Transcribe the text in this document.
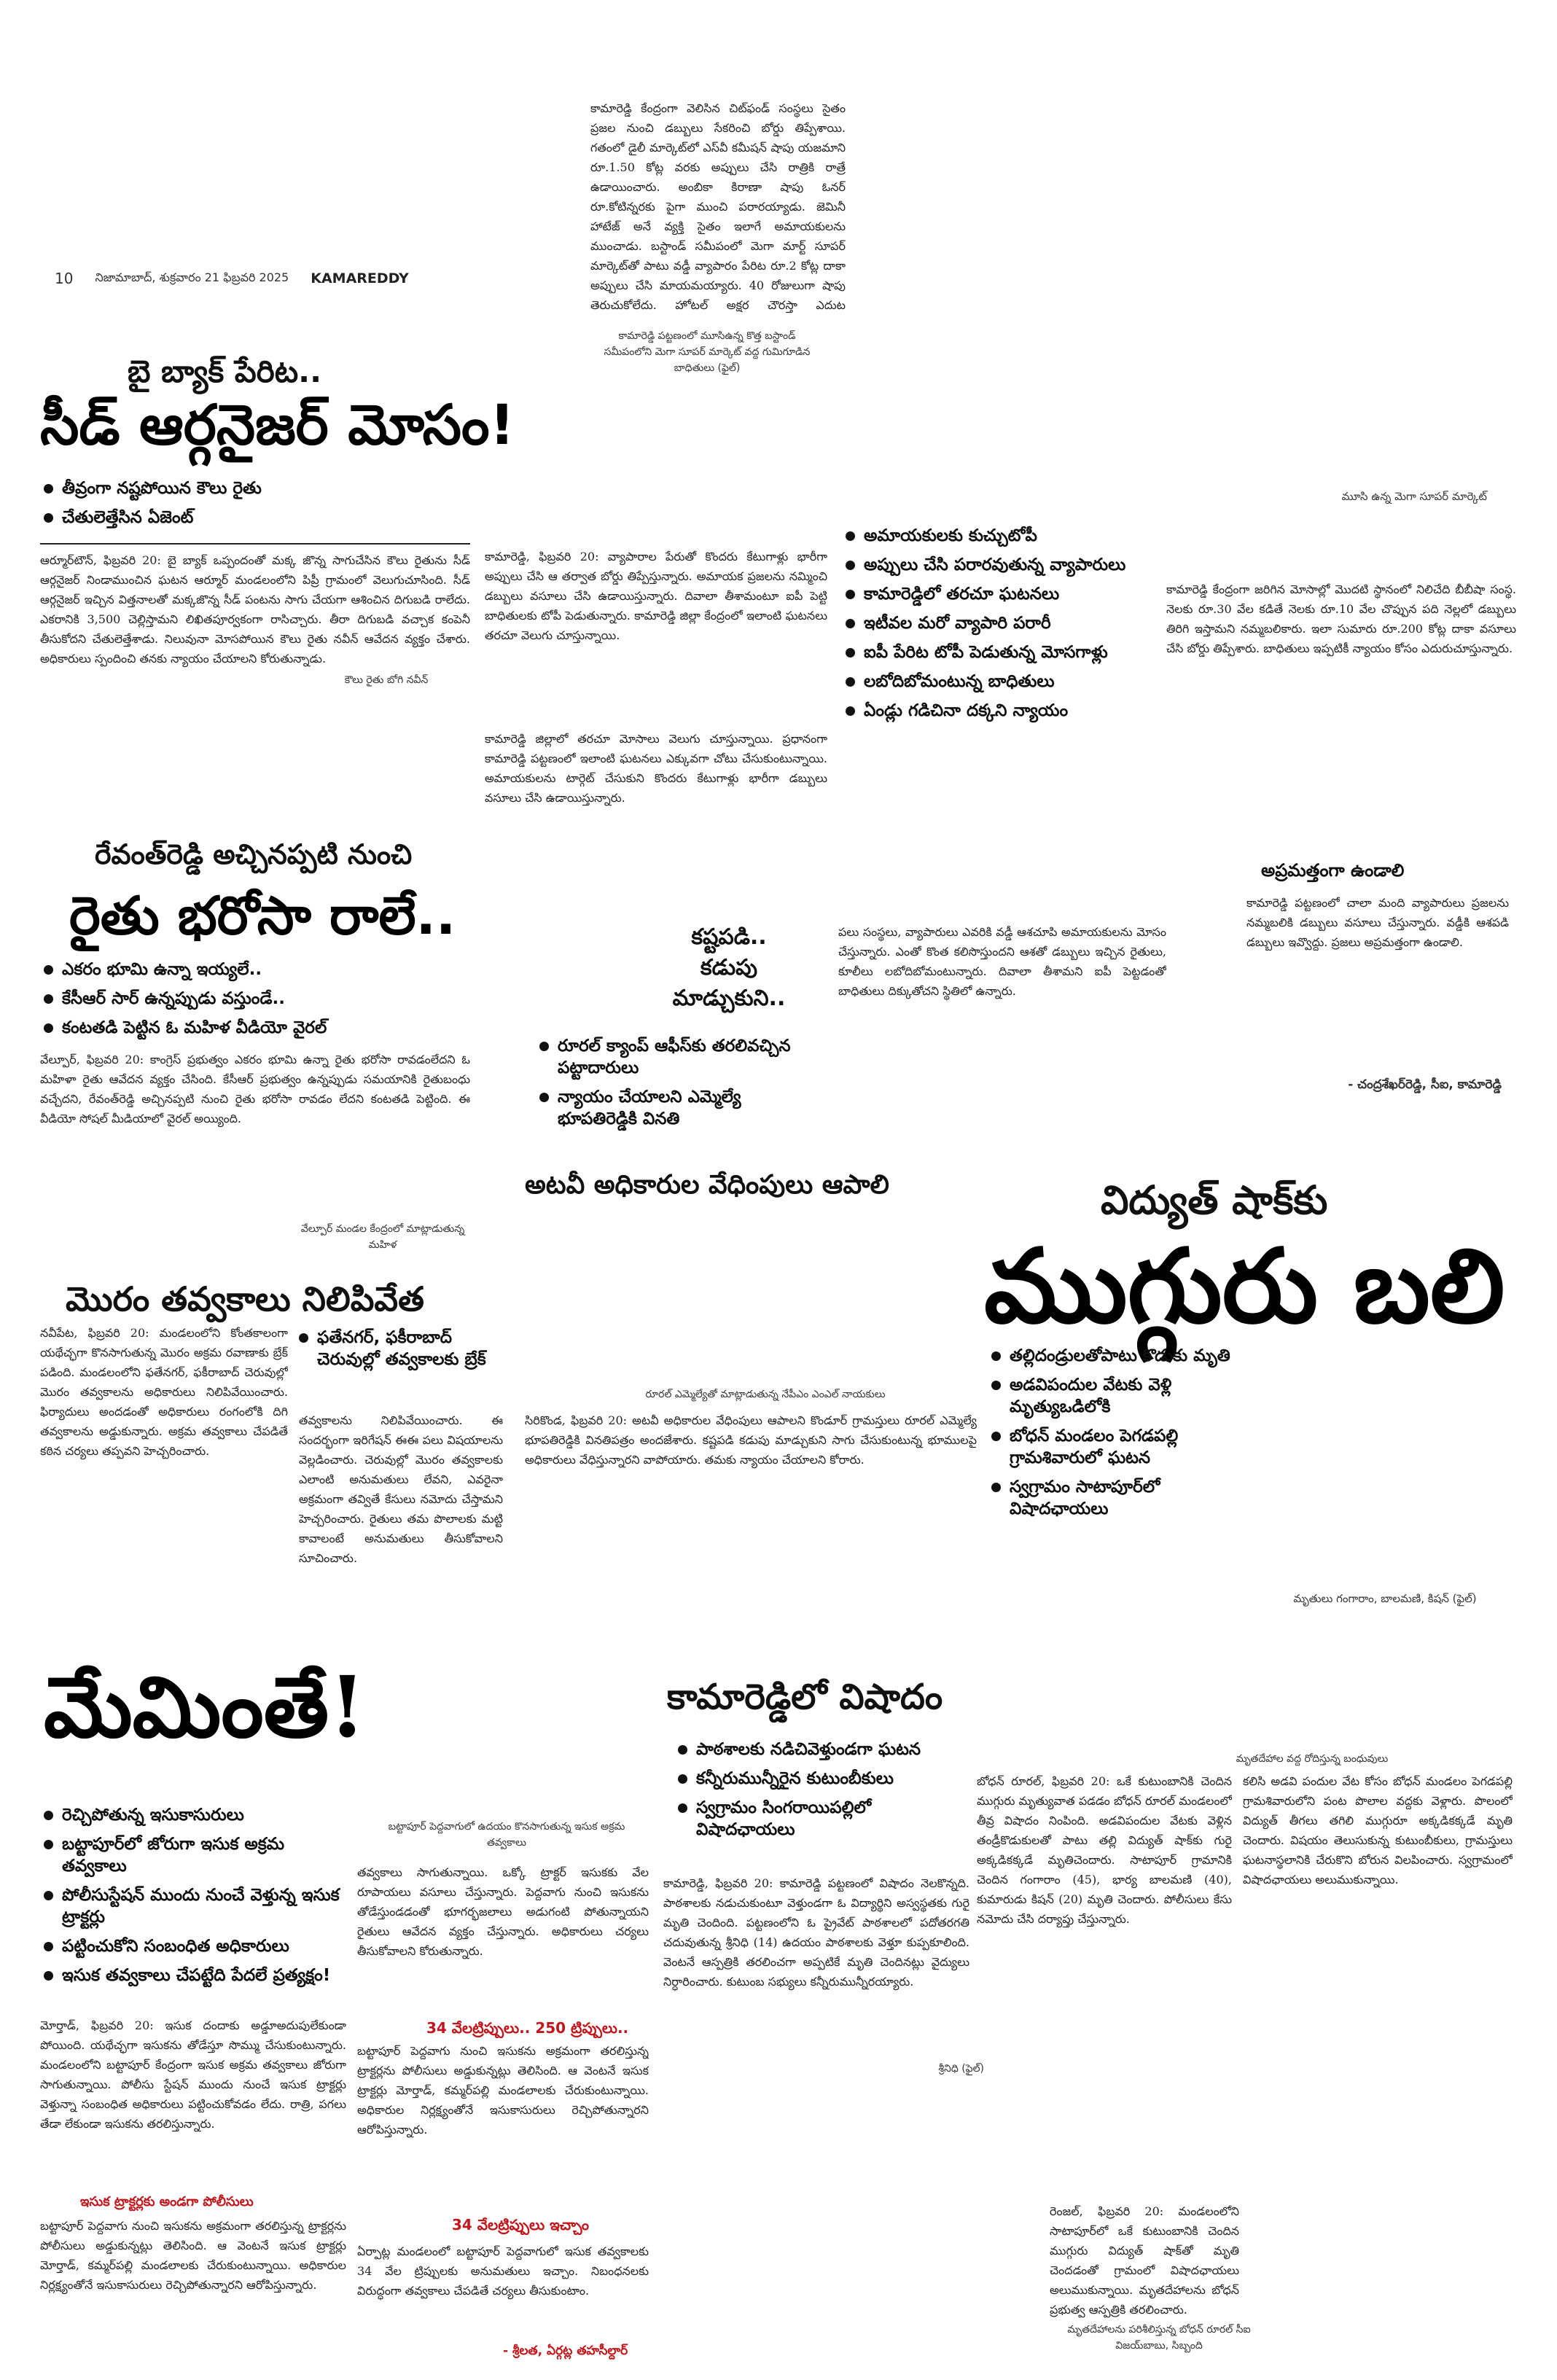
కామారెడ్డి కేంద్రంగా వెలిసిన చిట్‌ఫండ్ సంస్థలు సైతం ప్రజల నుంచి డబ్బులు సేకరించి బోర్డు తిప్పేశాయి. గతంలో డైలీ మార్కెట్‌లో ఎస్‌వీ కమీషన్ షాపు యజమాని రూ.1.50 కోట్ల వరకు అప్పులు చేసి రాత్రికి రాత్రే ఉడాయించారు. అంబికా కిరాణా షాపు ఓనర్ రూ.కోటిన్నరకు పైగా ముంచి పరారయ్యాడు. జెమినీ హాటేజ్ అనే వ్యక్తి సైతం ఇలాగే అమాయకులను ముంచాడు. బస్టాండ్ సమీపంలో మెగా మార్ట్ సూపర్ మార్కెట్‌తో పాటు వడ్డీ వ్యాపారం పేరిట రూ.2 కోట్ల దాకా అప్పులు చేసి మాయమయ్యారు. 40 రోజులుగా షాపు తెరుచుకోలేదు. హోటల్ అక్షర చౌరస్తా ఎదుట
10 నిజామాబాద్, శుక్రవారం 21 ఫిబ్రవరి 2025 KAMAREDDY
కామారెడ్డి పట్టణంలో మూసిఉన్న కొత్త బస్టాండ్ సమీపంలోని మెగా సూపర్ మార్కెట్ వద్ద గుమిగూడిన బాధితులు (ఫైల్)
బై బ్యాక్ పేరిట..
సీడ్ ఆర్గనైజర్ మోసం!
తీవ్రంగా నష్టపోయిన కౌలు రైతు
చేతులెత్తేసిన ఏజెంట్
ఆర్మూర్‌టౌన్, ఫిబ్రవరి 20: బై బ్యాక్ ఒప్పందంతో మక్క జొన్న సాగుచేసిన కౌలు రైతును సీడ్ ఆర్గనైజర్ నిండాముంచిన ఘటన ఆర్మూర్ మండలంలోని పిప్రీ గ్రామంలో వెలుగుచూసింది. సీడ్ ఆర్గనైజర్ ఇచ్చిన విత్తనాలతో మక్కజొన్న సీడ్ పంటను సాగు చేయగా ఆశించిన దిగుబడి రాలేదు. ఎకరానికి 3,500 చెల్లిస్తామని లిఖితపూర్వకంగా రాసిచ్చారు. తీరా దిగుబడి వచ్చాక కంపెనీ తీసుకోదని చేతులెత్తేశాడు. నిలువునా మోసపోయిన కౌలు రైతు నవీన్ ఆవేదన వ్యక్తం చేశారు. అధికారులు స్పందించి తనకు న్యాయం చేయాలని కోరుతున్నాడు.
కౌలు రైతు బోగి నవీన్
మూసి ఉన్న మెగా సూపర్ మార్కెట్
అమాయకులకు కుచ్చుటోపీ
అప్పులు చేసి పరారవుతున్న వ్యాపారులు
కామారెడ్డిలో తరచూ ఘటనలు
ఇటీవల మరో వ్యాపారి పరారీ
ఐపీ పేరిట టోపీ పెడుతున్న మోసగాళ్లు
లబోదిబోమంటున్న బాధితులు
ఏండ్లు గడిచినా దక్కని న్యాయం
కామారెడ్డి, ఫిబ్రవరి 20: వ్యాపారాల పేరుతో కొందరు కేటుగాళ్లు భారీగా అప్పులు చేసి ఆ తర్వాత బోర్డు తిప్పేస్తున్నారు. అమాయక ప్రజలను నమ్మించి డబ్బులు వసూలు చేసి ఉడాయిస్తున్నారు. దివాలా తీశామంటూ ఐపీ పెట్టి బాధితులకు టోపీ పెడుతున్నారు. కామారెడ్డి జిల్లా కేంద్రంలో ఇలాంటి ఘటనలు తరచూ వెలుగు చూస్తున్నాయి.
కామారెడ్డి జిల్లాలో తరచూ మోసాలు వెలుగు చూస్తున్నాయి. ప్రధానంగా కామారెడ్డి పట్టణంలో ఇలాంటి ఘటనలు ఎక్కువగా చోటు చేసుకుంటున్నాయి. అమాయకులను టార్గెట్ చేసుకుని కొందరు కేటుగాళ్లు భారీగా డబ్బులు వసూలు చేసి ఉడాయిస్తున్నారు.
కామారెడ్డి కేంద్రంగా జరిగిన మోసాల్లో మొదటి స్థానంలో నిలిచేది బీబీషా సంస్థ. నెలకు రూ.30 వేల కడితే నెలకు రూ.10 వేల చొప్పున పది నెల్లలో డబ్బులు తిరిగి ఇస్తామని నమ్మబలికారు. ఇలా సుమారు రూ.200 కోట్ల దాకా వసూలు చేసి బోర్డు తిప్పేశారు. బాధితులు ఇప్పటికీ న్యాయం కోసం ఎదురుచూస్తున్నారు.
పలు సంస్థలు, వ్యాపారులు ఎవరికి వడ్డీ ఆశచూపి అమాయకులను మోసం చేస్తున్నారు. ఎంతో కొంత కలిసొస్తుందని ఆశతో డబ్బులు ఇచ్చిన రైతులు, కూలీలు లబోదిబోమంటున్నారు. దివాలా తీశామని ఐపీ పెట్టడంతో బాధితులు దిక్కుతోచని స్థితిలో ఉన్నారు.
అప్రమత్తంగా ఉండాలి
కామారెడ్డి పట్టణంలో చాలా మంది వ్యాపారులు ప్రజలను నమ్మబలికి డబ్బులు వసూలు చేస్తున్నారు. వడ్డీకి ఆశపడి డబ్బులు ఇవ్వొద్దు. ప్రజలు అప్రమత్తంగా ఉండాలి.
- చంద్రశేఖర్‌రెడ్డి, సీఐ, కామారెడ్డి
రేవంత్‌రెడ్డి అచ్చినప్పటి నుంచి
రైతు భరోసా రాలే..
ఎకరం భూమి ఉన్నా ఇయ్యలే..
కేసీఆర్ సార్ ఉన్నప్పుడు వస్తుండే..
కంటతడి పెట్టిన ఓ మహిళ వీడియో వైరల్
వేల్పూర్, ఫిబ్రవరి 20: కాంగ్రెస్ ప్రభుత్వం ఎకరం భూమి ఉన్నా రైతు భరోసా రావడంలేదని ఓ మహిళా రైతు ఆవేదన వ్యక్తం చేసింది. కేసీఆర్ ప్రభుత్వం ఉన్నప్పుడు సమయానికి రైతుబంధు వచ్చేదని, రేవంత్‌రెడ్డి అచ్చినప్పటి నుంచి రైతు భరోసా రావడం లేదని కంటతడి పెట్టింది. ఈ వీడియో సోషల్ మీడియాలో వైరల్ అయ్యింది.
వేల్పూర్ మండల కేంద్రంలో మాట్లాడుతున్న మహిళ
కష్టపడి..
కడుపు
మాడ్చుకుని..
రూరల్ క్యాంప్ ఆఫీస్‌కు తరలివచ్చిన పట్టాదారులు
న్యాయం చేయాలని ఎమ్మెల్యే భూపతిరెడ్డికి వినతి
అటవీ అధికారుల వేధింపులు ఆపాలి	విద్యుత్ షాక్‌కు
ముగ్గురు బలి
తల్లిదండ్రులతోపాటు కొడుకు మృతి
అడవిపందుల వేటకు వెళ్లి మృత్యుఒడిలోకి
బోధన్ మండలం పెగడపల్లి గ్రామశివారులో ఘటన
స్వగ్రామం సాటాపూర్‌లో విషాదఛాయలు
మృతులు గంగారాం, బాలమణి, కిషన్ (ఫైల్)
మొరం తవ్వకాలు నిలిపివేత
ఫతేనగర్, ఫకీరాబాద్ చెరువుల్లో తవ్వకాలకు బ్రేక్
నవీపేట, ఫిబ్రవరి 20: మండలంలోని కోంతకాలంగా యథేచ్ఛగా కొనసాగుతున్న మొరం అక్రమ రవాణాకు బ్రేక్ పడింది. మండలంలోని ఫతేనగర్, ఫకీరాబాద్ చెరువుల్లో మొరం తవ్వకాలను అధికారులు నిలిపివేయించారు. ఫిర్యాదులు అందడంతో అధికారులు రంగంలోకి దిగి తవ్వకాలను అడ్డుకున్నారు. అక్రమ తవ్వకాలు చేపడితే కఠిన చర్యలు తప్పవని హెచ్చరించారు.
తవ్వకాలను నిలిపివేయించారు. ఈ సందర్భంగా ఇరిగేషన్ ఈఈ పలు విషయాలను వెల్లడించారు. చెరువుల్లో మొరం తవ్వకాలకు ఎలాంటి అనుమతులు లేవని, ఎవరైనా అక్రమంగా తవ్వితే కేసులు నమోదు చేస్తామని హెచ్చరించారు. రైతులు తమ పొలాలకు మట్టి కావాలంటే అనుమతులు తీసుకోవాలని సూచించారు.
రూరల్ ఎమ్మెల్యేతో మాట్లాడుతున్న నేపీఎం ఎంఎల్ నాయకులు
సిరికొండ, ఫిబ్రవరి 20: అటవీ అధికారుల వేధింపులు ఆపాలని కొండూర్ గ్రామస్తులు రూరల్ ఎమ్మెల్యే భూపతిరెడ్డికి వినతిపత్రం అందజేశారు. కష్టపడి కడుపు మాడ్చుకుని సాగు చేసుకుంటున్న భూములపై అధికారులు వేధిస్తున్నారని వాపోయారు. తమకు న్యాయం చేయాలని కోరారు.
మేమింతే!
రెచ్చిపోతున్న ఇసుకాసురులు
బట్టాపూర్‌లో జోరుగా ఇసుక అక్రమ తవ్వకాలు
పోలీసుస్టేషన్ ముందు నుంచే వెళ్తున్న ఇసుక ట్రాక్టర్లు
పట్టించుకోని సంబంధిత అధికారులు
ఇసుక తవ్వకాలు చేపట్టేది పేదలే ప్రత్యక్షం!
బట్టాపూర్ పెద్దవాగులో ఉదయం కొనసాగుతున్న ఇసుక అక్రమ తవ్వకాలు
మోర్తాడ్, ఫిబ్రవరి 20: ఇసుక దందాకు అడ్డూఅదుపులేకుండా పోయింది. యథేచ్ఛగా ఇసుకను తోడేస్తూ సొమ్ము చేసుకుంటున్నారు. మండలంలోని బట్టాపూర్ కేంద్రంగా ఇసుక అక్రమ తవ్వకాలు జోరుగా సాగుతున్నాయి. పోలీసు స్టేషన్ ముందు నుంచే ఇసుక ట్రాక్టర్లు వెళ్తున్నా సంబంధిత అధికారులు పట్టించుకోవడం లేదు. రాత్రి, పగలు తేడా లేకుండా ఇసుకను తరలిస్తున్నారు.
తవ్వకాలు సాగుతున్నాయి. ఒక్కో ట్రాక్టర్ ఇసుకకు వేల రూపాయలు వసూలు చేస్తున్నారు. పెద్దవాగు నుంచి ఇసుకను తోడేస్తుండడంతో భూగర్భజలాలు అడుగంటి పోతున్నాయని రైతులు ఆవేదన వ్యక్తం చేస్తున్నారు. అధికారులు చర్యలు తీసుకోవాలని కోరుతున్నారు.
34 వేలట్రిప్పులు.. 250 ట్రిప్పులు..
బట్టాపూర్ పెద్దవాగు నుంచి ఇసుకను అక్రమంగా తరలిస్తున్న ట్రాక్టర్లను పోలీసులు అడ్డుకున్నట్లు తెలిసింది. ఆ వెంటనే ఇసుక ట్రాక్టర్లు మోర్తాడ్, కమ్మర్‌పల్లి మండలాలకు చేరుకుంటున్నాయి. అధికారుల నిర్లక్ష్యంతోనే ఇసుకాసురులు రెచ్చిపోతున్నారని ఆరోపిస్తున్నారు.
ఇసుక ట్రాక్టర్లకు అండగా పోలీసులు
బట్టాపూర్ పెద్దవాగు నుంచి ఇసుకను అక్రమంగా తరలిస్తున్న ట్రాక్టర్లను పోలీసులు అడ్డుకున్నట్లు తెలిసింది. ఆ వెంటనే ఇసుక ట్రాక్టర్లు మోర్తాడ్, కమ్మర్‌పల్లి మండలాలకు చేరుకుంటున్నాయి. అధికారుల నిర్లక్ష్యంతోనే ఇసుకాసురులు రెచ్చిపోతున్నారని ఆరోపిస్తున్నారు.
34 వేలట్రిప్పులు ఇచ్చాం
ఏర్పాట్ల మండలంలో బట్టాపూర్ పెద్దవాగులో ఇసుక తవ్వకాలకు 34 వేల ట్రిప్పులకు అనుమతులు ఇచ్చాం. నిబంధనలకు విరుద్ధంగా తవ్వకాలు చేపడితే చర్యలు తీసుకుంటాం.
- శ్రీలత, ఏర్గట్ల తహసీల్దార్
కామారెడ్డిలో విషాదం
పాఠశాలకు నడిచివెళ్తుండగా ఘటన
కన్నీరుమున్నీరైన కుటుంబీకులు
స్వగ్రామం సింగరాయిపల్లిలో విషాదఛాయలు
కామారెడ్డి, ఫిబ్రవరి 20: కామారెడ్డి పట్టణంలో విషాదం నెలకొన్నది. పాఠశాలకు నడుచుకుంటూ వెళ్తుండగా ఓ విద్యార్థిని అస్వస్థతకు గురై మృతి చెందింది. పట్టణంలోని ఓ ప్రైవేట్ పాఠశాలలో పదోతరగతి చదువుతున్న శ్రీనిధి (14) ఉదయం పాఠశాలకు వెళ్తూ కుప్పకూలింది. వెంటనే ఆస్పత్రికి తరలించగా అప్పటికే మృతి చెందినట్లు వైద్యులు నిర్ధారించారు. కుటుంబ సభ్యులు కన్నీరుమున్నీరయ్యారు.
శ్రీనిధి (ఫైల్)
మృతదేహాల వద్ద రోదిస్తున్న బంధువులు
బోధన్ రూరల్, ఫిబ్రవరి 20: ఒకే కుటుంబానికి చెందిన ముగ్గురు మృత్యువాత పడడం బోధన్ రూరల్ మండలంలో తీవ్ర విషాదం నింపింది. అడవిపందుల వేటకు వెళ్లిన తండ్రీకొడుకులతో పాటు తల్లి విద్యుత్ షాక్‌కు గురై అక్కడికక్కడే మృతిచెందారు. సాటాపూర్ గ్రామానికి చెందిన గంగారాం (45), భార్య బాలమణి (40), కుమారుడు కిషన్ (20) మృతి చెందారు. పోలీసులు కేసు నమోదు చేసి దర్యాప్తు చేస్తున్నారు.
కలిసి అడవి పందుల వేట కోసం బోధన్ మండలం పెగడపల్లి గ్రామశివారులోని పంట పొలాల వద్దకు వెళ్లారు. పొలంలో విద్యుత్ తీగలు తగిలి ముగ్గురూ అక్కడికక్కడే మృతి చెందారు. విషయం తెలుసుకున్న కుటుంబీకులు, గ్రామస్తులు ఘటనాస్థలానికి చేరుకొని బోరున విలపించారు. స్వగ్రామంలో విషాదఛాయలు అలుముకున్నాయి.
రెంజల్, ఫిబ్రవరి 20: మండలంలోని సాటాపూర్‌లో ఒకే కుటుంబానికి చెందిన ముగ్గురు విద్యుత్ షాక్‌తో మృతి చెందడంతో గ్రామంలో విషాదఛాయలు అలుముకున్నాయి. మృతదేహాలను బోధన్ ప్రభుత్వ ఆస్పత్రికి తరలించారు.
మృతదేహాలను పరిశీలిస్తున్న బోధన్ రూరల్ సీఐ విజయ్‌బాబు, సిబ్బంది
